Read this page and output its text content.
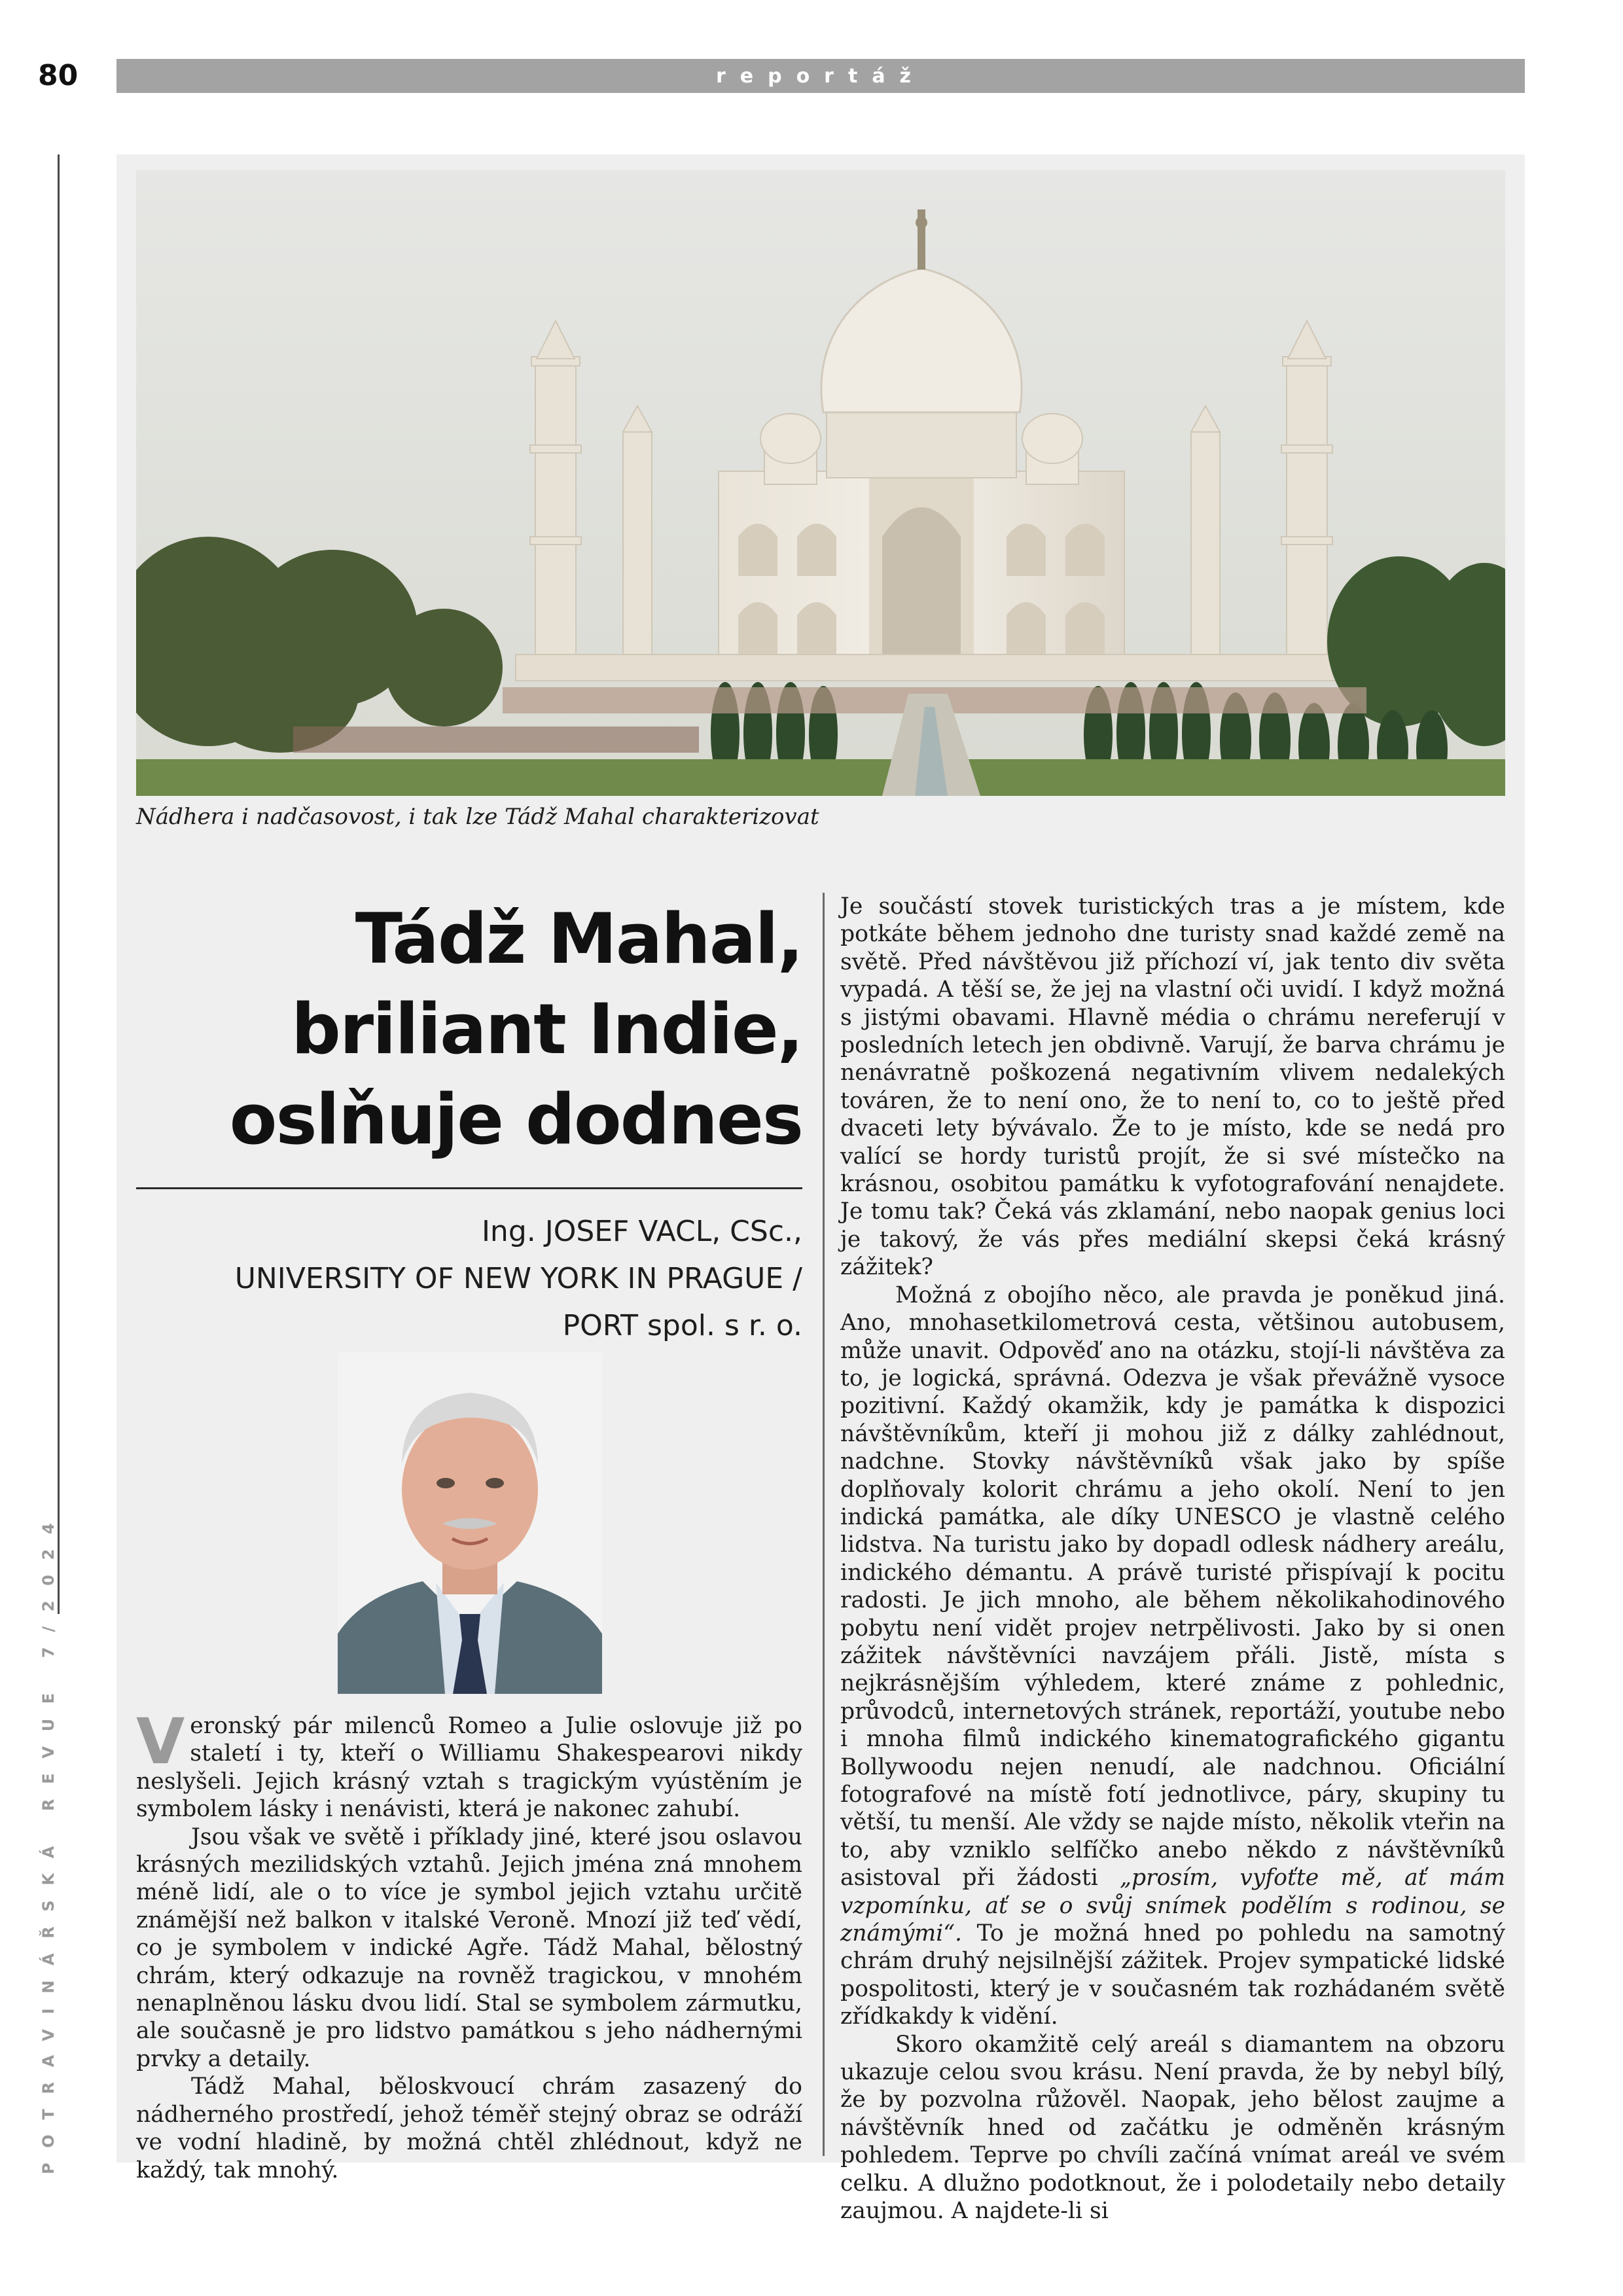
80	reportáž
POTRAVINÁŘSKÁ REVUE 7/2024
Nádhera i nadčasovost, i tak lze Tádž Mahal charakterizovat
Tádž Mahal,
briliant Indie,
oslňuje dodnes
Ing. JOSEF VACL, CSc.,
UNIVERSITY OF NEW YORK IN PRAGUE /
PORT spol. s r. o.

Veronský pár milenců Romeo a Julie oslovuje již po staletí i ty, kteří o Williamu Shakespearovi nikdy neslyšeli. Jejich krásný vztah s tragickým vyústěním je symbolem lásky i nenávisti, která je nakonec zahubí.

Jsou však ve světě i příklady jiné, které jsou oslavou krásných mezilidských vztahů. Jejich jména zná mnohem méně lidí, ale o to více je symbol jejich vztahu určitě známější než balkon v italské Veroně. Mnozí již teď vědí, co je symbolem v indické Agře. Tádž Mahal, bělostný chrám, který odkazuje na rovněž tragickou, v mnohém nenaplněnou lásku dvou lidí. Stal se symbolem zármutku, ale současně je pro lidstvo památkou s jeho nádhernými prvky a detaily.

Tádž Mahal, běloskvoucí chrám zasazený do nádherného prostředí, jehož téměř stejný obraz se odráží ve vodní hladině, by možná chtěl zhlédnout, když ne každý, tak mnohý.

Je součástí stovek turistických tras a je místem, kde potkáte během jednoho dne turisty snad každé země na světě. Před návštěvou již příchozí ví, jak tento div světa vypadá. A těší se, že jej na vlastní oči uvidí. I když možná s jistými obavami. Hlavně média o chrámu nereferují v posledních letech jen obdivně. Varují, že barva chrámu je nenávratně poškozená negativním vlivem nedalekých továren, že to není ono, že to není to, co to ještě před dvaceti lety bývávalo. Že to je místo, kde se nedá pro valící se hordy turistů projít, že si své místečko na krásnou, osobitou památku k vyfotografování nenajdete. Je tomu tak? Čeká vás zklamání, nebo naopak genius loci je takový, že vás přes mediální skepsi čeká krásný zážitek?

Možná z obojího něco, ale pravda je poněkud jiná. Ano, mnohasetkilometrová cesta, většinou autobusem, může unavit. Odpověď ano na otázku, stojí-li návštěva za to, je logická, správná. Odezva je však převážně vysoce pozitivní. Každý okamžik, kdy je památka k dispozici návštěvníkům, kteří ji mohou již z dálky zahlédnout, nadchne. Stovky návštěvníků však jako by spíše doplňovaly kolorit chrámu a jeho okolí. Není to jen indická památka, ale díky UNESCO je vlastně celého lidstva. Na turistu jako by dopadl odlesk nádhery areálu, indického démantu. A právě turisté přispívají k pocitu radosti. Je jich mnoho, ale během několikahodinového pobytu není vidět projev netrpělivosti. Jako by si onen zážitek návštěvníci navzájem přáli. Jistě, místa s nejkrásnějším výhledem, které známe z pohlednic, průvodců, internetových stránek, reportáží, youtube nebo i mnoha filmů indického kinematografického gigantu Bollywoodu nejen nenudí, ale nadchnou. Oficiální fotografové na místě fotí jednotlivce, páry, skupiny tu větší, tu menší. Ale vždy se najde místo, několik vteřin na to, aby vzniklo selfíčko anebo někdo z návštěvníků asistoval při žádosti „prosím, vyfoťte mě, ať mám vzpomínku, ať se o svůj snímek podělím s rodinou, se známými“. To je možná hned po pohledu na samotný chrám druhý nejsilnější zážitek. Projev sympatické lidské pospolitosti, který je v současném tak rozhádaném světě zřídkakdy k vidění.

Skoro okamžitě celý areál s diamantem na obzoru ukazuje celou svou krásu. Není pravda, že by nebyl bílý, že by pozvolna růžověl. Naopak, jeho bělost zaujme a návštěvník hned od začátku je odměněn krásným pohledem. Teprve po chvíli začíná vnímat areál ve svém celku. A dlužno podotknout, že i polodetaily nebo detaily zaujmou. A najdete-li si
